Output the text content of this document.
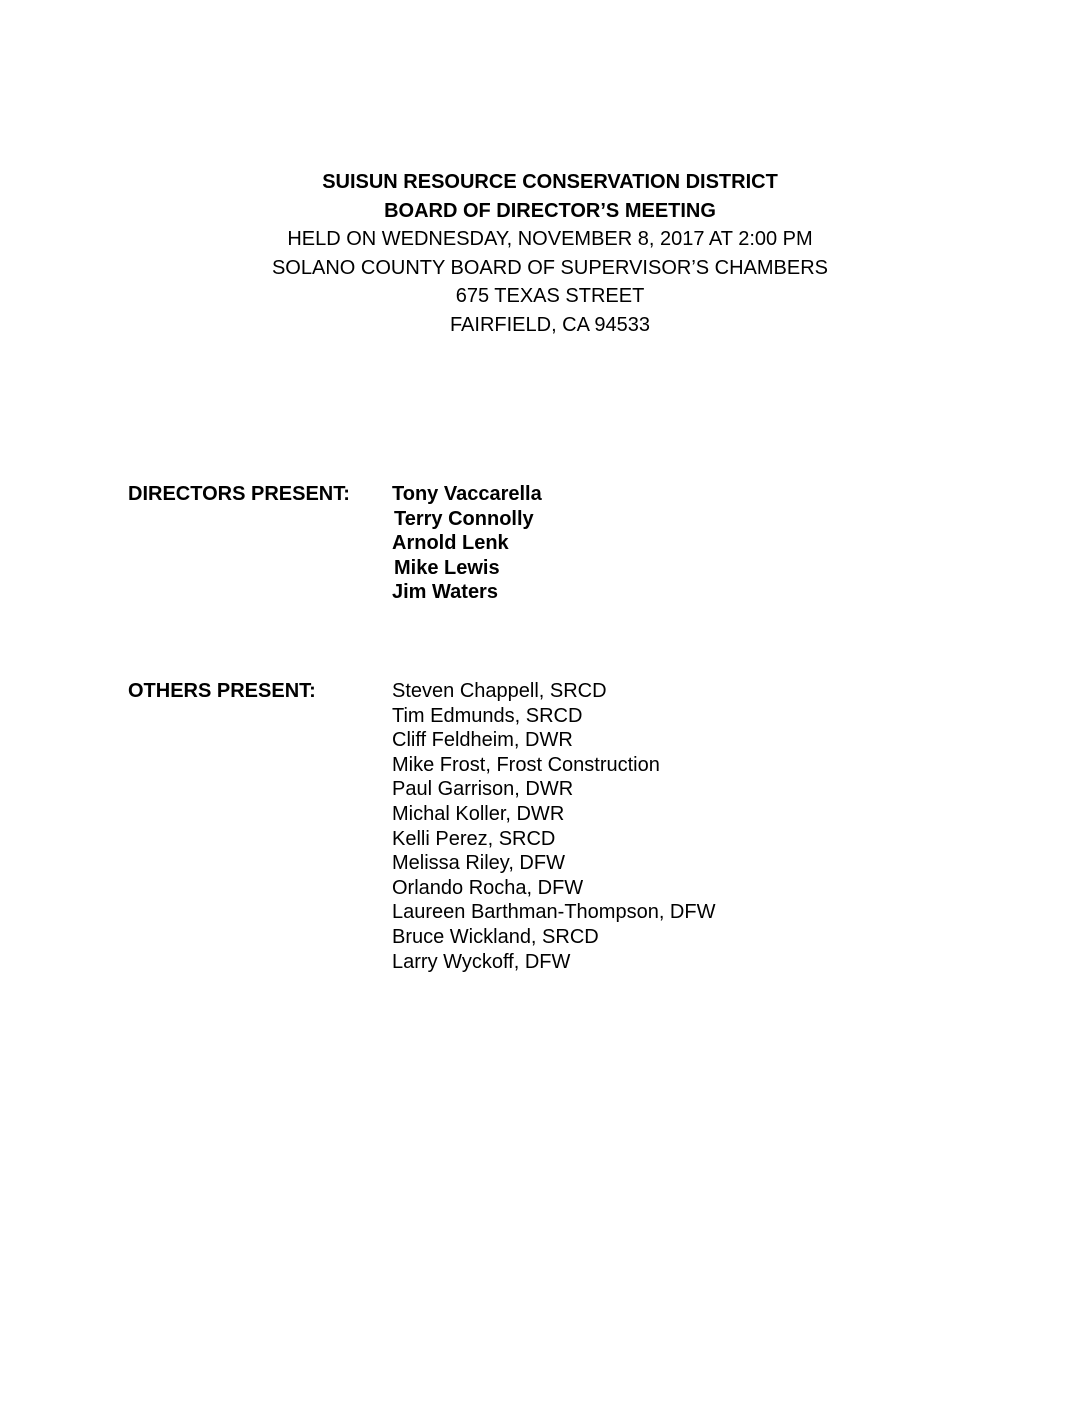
SUISUN RESOURCE CONSERVATION DISTRICT
BOARD OF DIRECTOR’S MEETING
HELD ON WEDNESDAY, NOVEMBER 8, 2017 AT 2:00 PM
SOLANO COUNTY BOARD OF SUPERVISOR’S CHAMBERS
675 TEXAS STREET
FAIRFIELD, CA 94533
DIRECTORS PRESENT: Tony Vaccarella
Terry Connolly
Arnold Lenk
Mike Lewis
Jim Waters
OTHERS PRESENT:	Steven Chappell, SRCD
Tim Edmunds, SRCD
Cliff Feldheim, DWR
Mike Frost, Frost Construction
Paul Garrison, DWR
Michal Koller, DWR
Kelli Perez, SRCD
Melissa Riley, DFW
Orlando Rocha, DFW
Laureen Barthman-Thompson, DFW
Bruce Wickland, SRCD
Larry Wyckoff, DFW
